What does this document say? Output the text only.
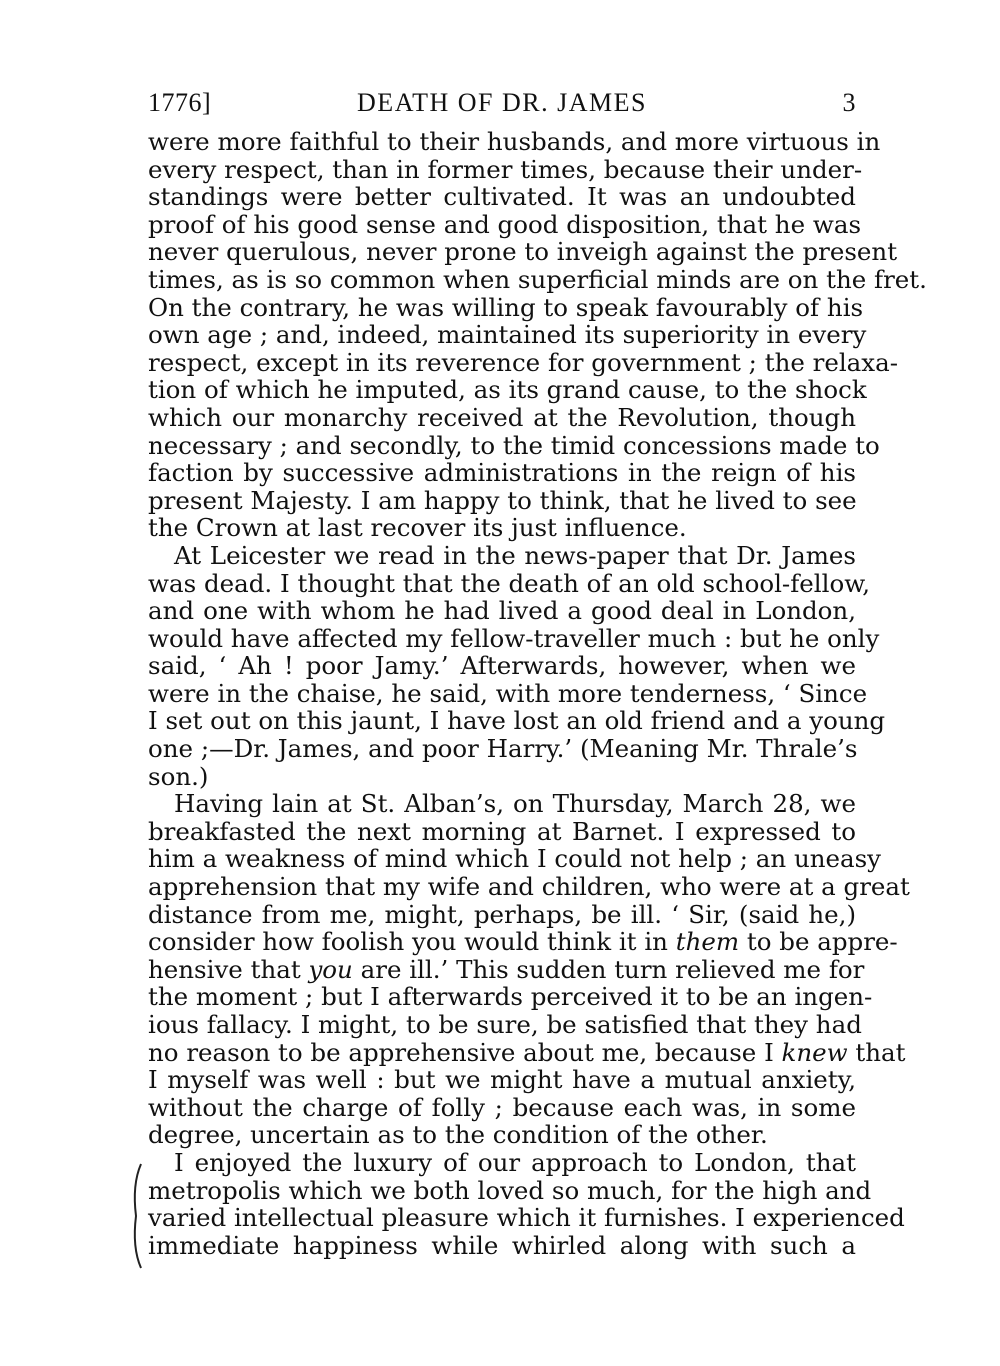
1776]	DEATH OF DR. JAMES	3
were more faithful to their husbands, and more virtuous in
every respect, than in former times, because their under-
standings were better cultivated. It was an undoubted
proof of his good sense and good disposition, that he was
never querulous, never prone to inveigh against the present
times, as is so common when superficial minds are on the fret.
On the contrary, he was willing to speak favourably of his
own age ; and, indeed, maintained its superiority in every
respect, except in its reverence for government ; the relaxa-
tion of which he imputed, as its grand cause, to the shock
which our monarchy received at the Revolution, though
necessary ; and secondly, to the timid concessions made to
faction by successive administrations in the reign of his
present Majesty. I am happy to think, that he lived to see
the Crown at last recover its just influence.
At Leicester we read in the news-paper that Dr. James
was dead. I thought that the death of an old school-fellow,
and one with whom he had lived a good deal in London,
would have affected my fellow-traveller much : but he only
said, ‘ Ah ! poor Jamy.’ Afterwards, however, when we
were in the chaise, he said, with more tenderness, ‘ Since
I set out on this jaunt, I have lost an old friend and a young
one ;—Dr. James, and poor Harry.’ (Meaning Mr. Thrale’s
son.)
Having lain at St. Alban’s, on Thursday, March 28, we
breakfasted the next morning at Barnet. I expressed to
him a weakness of mind which I could not help ; an uneasy
apprehension that my wife and children, who were at a great
distance from me, might, perhaps, be ill. ‘ Sir, (said he,)
consider how foolish you would think it in them to be appre-
hensive that you are ill.’ This sudden turn relieved me for
the moment ; but I afterwards perceived it to be an ingen-
ious fallacy. I might, to be sure, be satisfied that they had
no reason to be apprehensive about me, because I knew that
I myself was well : but we might have a mutual anxiety,
without the charge of folly ; because each was, in some
degree, uncertain as to the condition of the other.
I enjoyed the luxury of our approach to London, that
metropolis which we both loved so much, for the high and
varied intellectual pleasure which it furnishes. I experienced
immediate happiness while whirled along with such a
